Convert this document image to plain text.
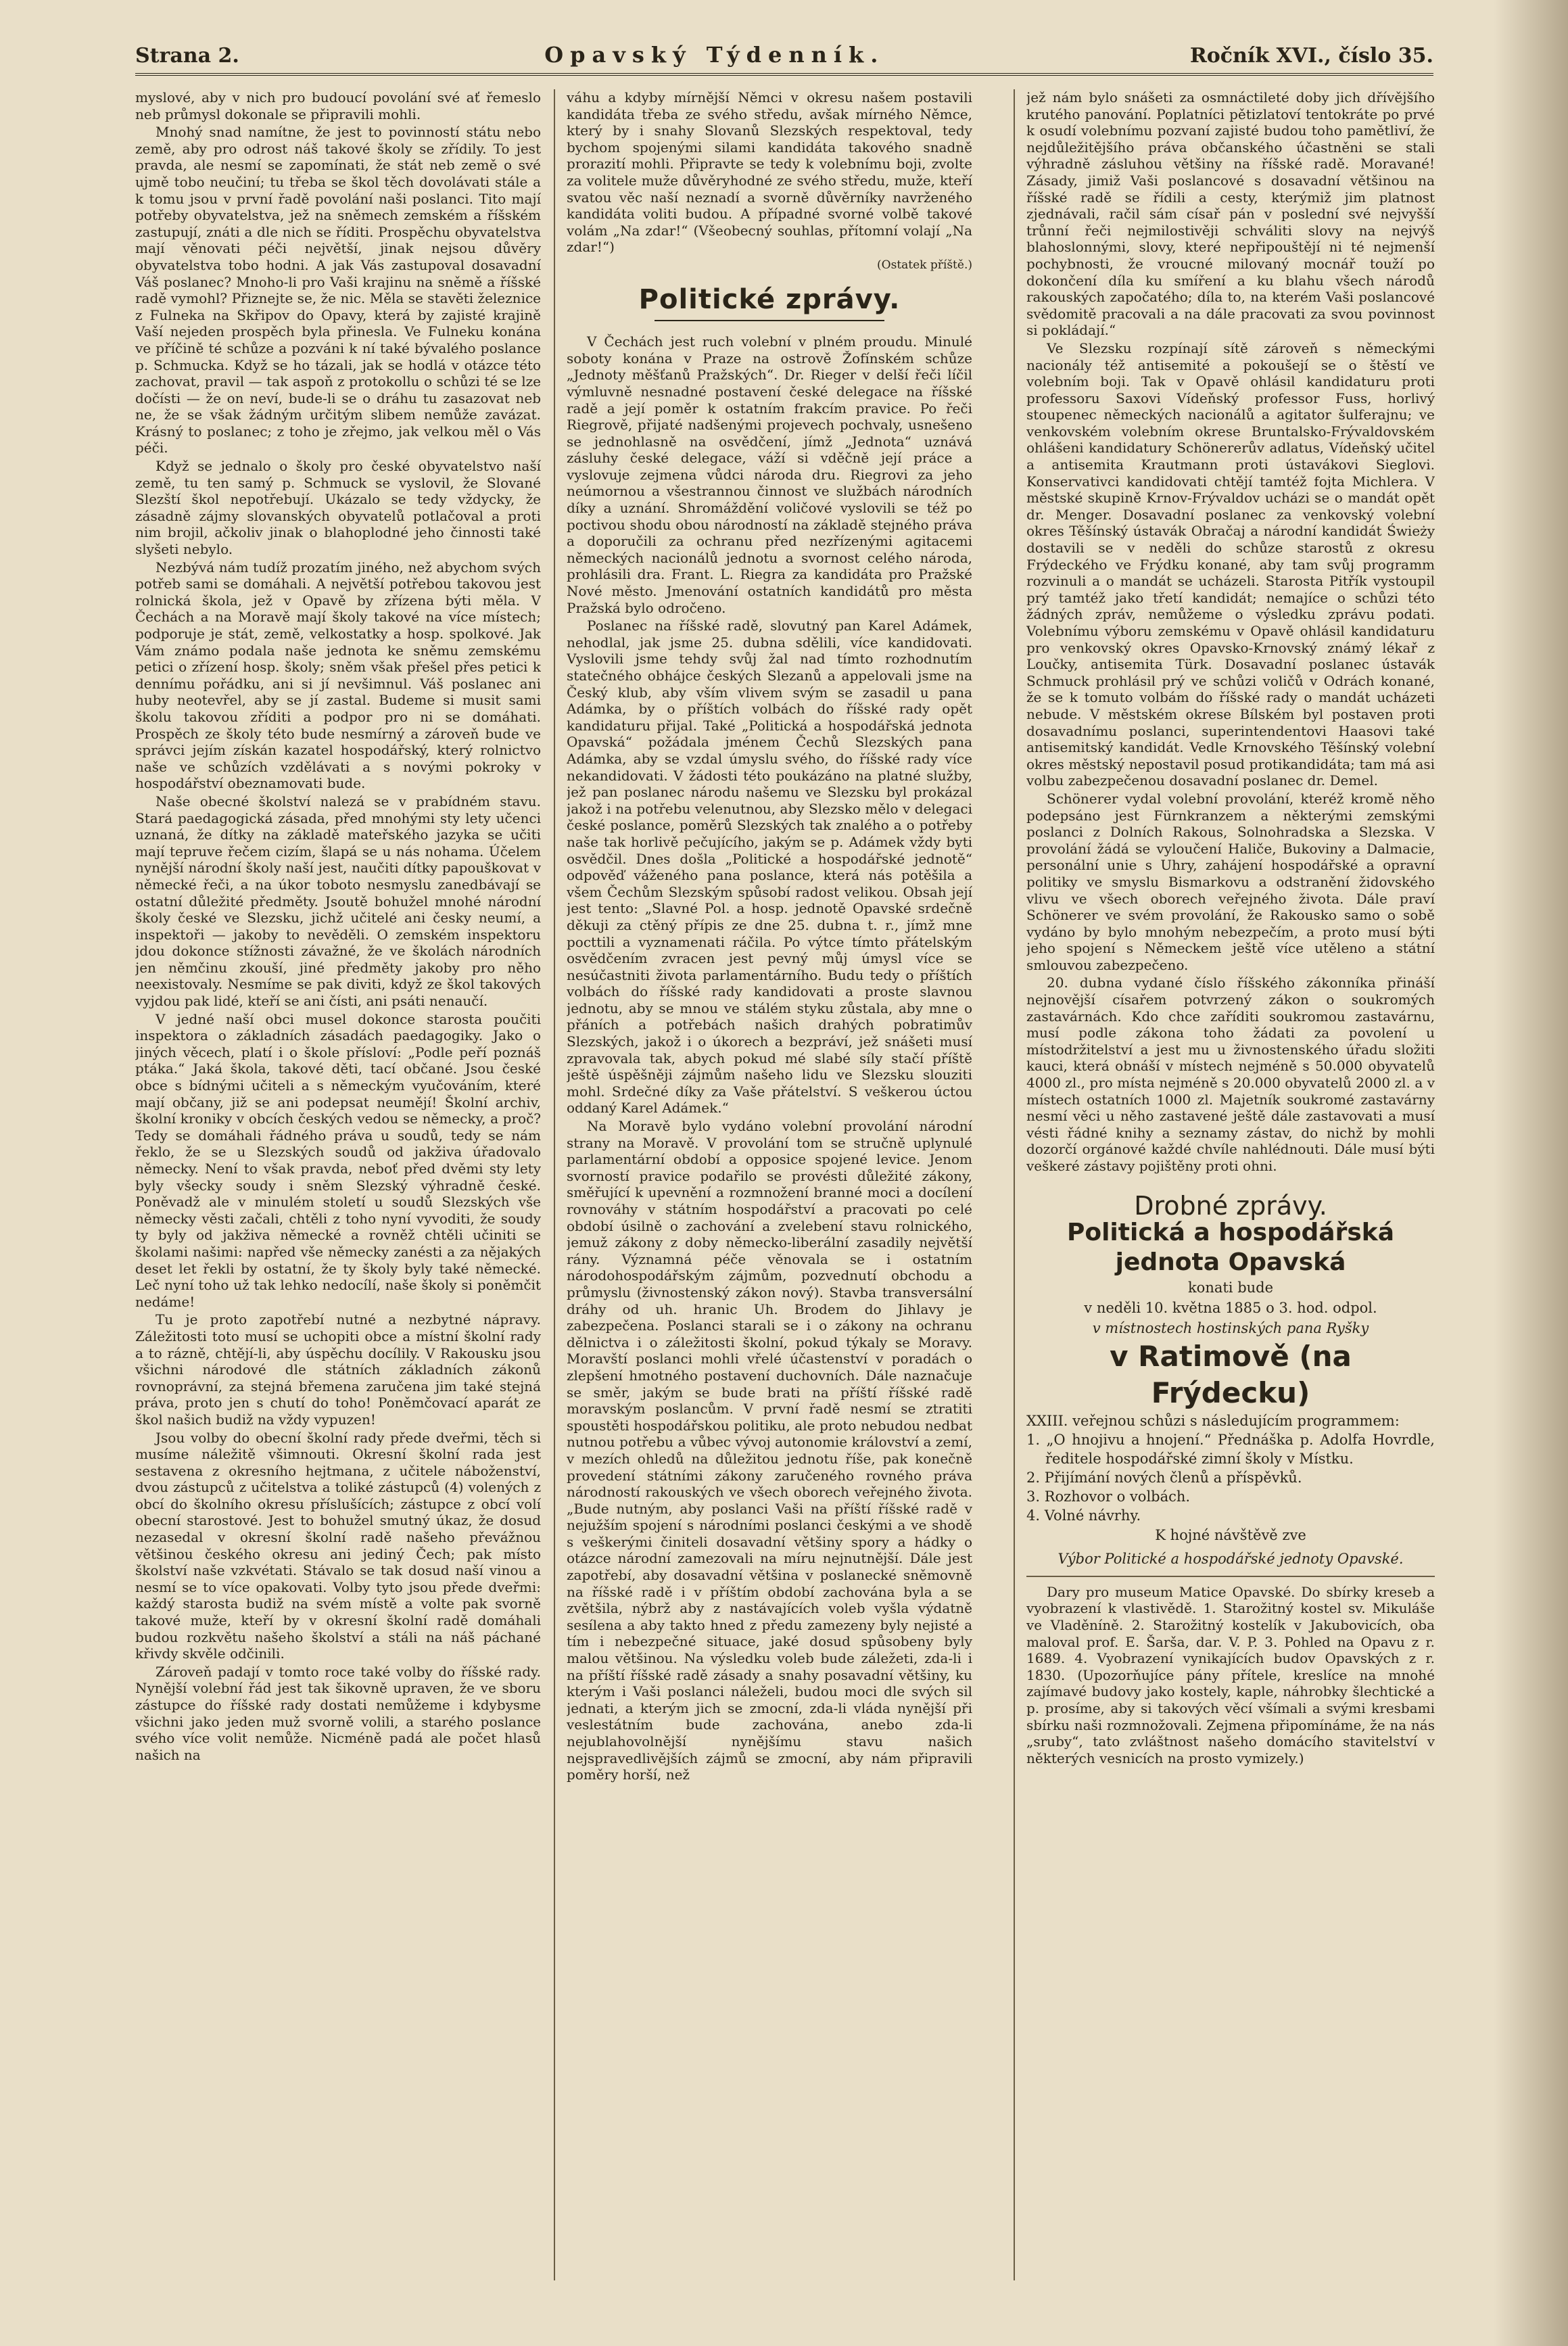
Strana 2.	Opavský Týdenník.	Ročník XVI., číslo 35.

myslové, aby v nich pro budoucí povolání své ať řemeslo neb průmysl dokonale se připravili mohli.

Mnohý snad namítne, že jest to povinností státu nebo země, aby pro odrost náš takové školy se zřídily. To jest pravda, ale nesmí se zapomínati, že stát neb země o své ujmě tobo neučiní; tu třeba se škol těch dovolávati stále a k tomu jsou v první řadě povolání naši poslanci. Tito mají potřeby obyvatelstva, jež na sněmech zemském a říšském zastupují, znáti a dle nich se říditi. Prospěchu obyvatelstva mají věnovati péči největší, jinak nejsou důvěry obyvatelstva tobo hodni. A jak Vás zastupoval dosavadní Váš poslanec? Mnoho-li pro Vaši krajinu na sněmě a říšské radě vymohl? Přiznejte se, že nic. Měla se stavěti železnice z Fulneka na Skřipov do Opavy, která by zajisté krajině Vaší nejeden prospěch byla přinesla. Ve Fulneku konána ve příčině té schůze a pozváni k ní také bývalého poslance p. Schmucka. Když se ho tázali, jak se hodlá v otázce této zachovat, pravil — tak aspoň z protokollu o schůzi té se lze dočísti — že on neví, bude-li se o dráhu tu zasazovat neb ne, že se však žádným určitým slibem nemůže zavázat. Krásný to poslanec; z toho je zřejmo, jak velkou měl o Vás péči.

Když se jednalo o školy pro české obyvatelstvo naší země, tu ten samý p. Schmuck se vyslovil, že Slované Slezští škol nepotřebují. Ukázalo se tedy vždycky, že zásadně zájmy slovanských obyvatelů potlačoval a proti nim brojil, ačkoliv jinak o blahoplodné jeho činnosti také slyšeti nebylo.

Nezbývá nám tudíž prozatím jiného, než abychom svých potřeb sami se domáhali. A největší potřebou takovou jest rolnická škola, jež v Opavě by zřízena býti měla. V Čechách a na Moravě mají školy takové na více místech; podporuje je stát, země, velkostatky a hosp. spolkové. Jak Vám známo podala naše jednota ke sněmu zemskému petici o zřízení hosp. školy; sněm však přešel přes petici k dennímu pořádku, ani si jí nevšimnul. Váš poslanec ani huby neotevřel, aby se jí zastal. Budeme si musit sami školu takovou zříditi a podpor pro ni se domáhati. Prospěch ze školy této bude nesmírný a zároveň bude ve správci jejím získán kazatel hospodářský, který rolnictvo naše ve schůzích vzdělávati a s novými pokroky v hospodářství obeznamovati bude.

Naše obecné školství nalezá se v prabídném stavu. Stará paedagogická zásada, před mnohými sty lety učenci uznaná, že dítky na základě mateřského jazyka se učiti mají tepruve řečem cizím, šlapá se u nás nohama. Účelem nynější národní školy naší jest, naučiti dítky papouškovat v německé řeči, a na úkor toboto nesmyslu zanedbávají se ostatní důležité předměty. Jsoutě bohužel mnohé národní školy české ve Slezsku, jichž učitelé ani česky neumí, a inspektoři — jakoby to nevěděli. O zemském inspektoru jdou dokonce stížnosti závažné, že ve školách národních jen němčinu zkouší, jiné předměty jakoby pro něho neexistovaly. Nesmíme se pak diviti, když ze škol takových vyjdou pak lidé, kteří se ani čísti, ani psáti nenaučí.

V jedné naší obci musel dokonce starosta poučiti inspektora o základních zásadách paedagogiky. Jako o jiných věcech, platí i o škole přísloví: „Podle peří poznáš ptáka.“ Jaká škola, takové děti, tací občané. Jsou české obce s bídnými učiteli a s německým vyučováním, které mají občany, již se ani podepsat neumějí! Školní archiv, školní kroniky v obcích českých vedou se německy, a proč? Tedy se domáhali řádného práva u soudů, tedy se nám řeklo, že se u Slezských soudů od jakživa úřadovalo německy. Není to však pravda, neboť před dvěmi sty lety byly všecky soudy i sněm Slezský výhradně české. Poněvadž ale v minulém století u soudů Slezských vše německy věsti začali, chtěli z toho nyní vyvoditi, že soudy ty byly od jakživa německé a rovněž chtěli učiniti se školami našimi: napřed vše německy zanésti a za nějakých deset let řekli by ostatní, že ty školy byly také německé. Leč nyní toho už tak lehko nedocílí, naše školy si poněmčit nedáme!

Tu je proto zapotřebí nutné a nezbytné nápravy. Záležitosti toto musí se uchopiti obce a místní školní rady a to rázně, chtějí-li, aby úspěchu docílily. V Rakousku jsou všichni národové dle státních základních zákonů rovnoprávní, za stejná břemena zaručena jim také stejná práva, proto jen s chutí do toho! Poněmčovací aparát ze škol našich budiž na vždy vypuzen!

Jsou volby do obecní školní rady přede dveřmi, těch si musíme náležitě všimnouti. Okresní školní rada jest sestavena z okresního hejtmana, z učitele náboženství, dvou zástupců z učitelstva a toliké zástupců (4) volených z obcí do školního okresu příslušících; zástupce z obcí volí obecní starostové. Jest to bohužel smutný úkaz, že dosud nezasedal v okresní školní radě našeho převážnou většinou českého okresu ani jediný Čech; pak místo školství naše vzkvétati. Stávalo se tak dosud naší vinou a nesmí se to více opakovati. Volby tyto jsou přede dveřmi: každý starosta budiž na svém místě a volte pak svorně takové muže, kteří by v okresní školní radě domáhali budou rozkvětu našeho školství a stáli na náš páchané křivdy skvěle odčinili.

Zároveň padají v tomto roce také volby do říšské rady. Nynější volební řád jest tak šikovně upraven, že ve sboru zástupce do říšské rady dostati nemůžeme i kdybysme všichni jako jeden muž svorně volili, a starého poslance svého více volit nemůže. Nicméně padá ale počet hlasů našich na

váhu a kdyby mírnější Němci v okresu našem postavili kandidáta třeba ze svého středu, avšak mírného Němce, který by i snahy Slovanů Slezských respektoval, tedy bychom spojenými silami kandidáta takového snadně prorazití mohli. Připravte se tedy k volebnímu boji, zvolte za volitele muže důvěryhodné ze svého středu, muže, kteří svatou věc naší neznadí a svorně důvěrníky navrženého kandidáta voliti budou. A případné svorné volbě takové volám „Na zdar!“ (Všeobecný souhlas, přítomní volají „Na zdar!“)

(Ostatek příště.)
Politické zprávy.

V Čechách jest ruch volební v plném proudu. Minulé soboty konána v Praze na ostrově Žofínském schůze „Jednoty měšťanů Pražských“. Dr. Rieger v delší řeči líčil výmluvně nesnadné postavení české delegace na říšské radě a její poměr k ostatním frakcím pravice. Po řeči Riegrově, přijaté nadšenými projevech pochvaly, usnešeno se jednohlasně na osvědčení, jímž „Jednota“ uznává zásluhy české delegace, váží si vděčně její práce a vyslovuje zejmena vůdci národa dru. Riegrovi za jeho neúmornou a všestrannou činnost ve službách národních díky a uznání. Shromáždění voličové vyslovili se též po poctivou shodu obou národností na základě stejného práva a doporučili za ochranu před nezřízenými agitacemi německých nacionálů jednotu a svornost celého národa, prohlásili dra. Frant. L. Riegra za kandidáta pro Pražské Nové město. Jmenování ostatních kandidátů pro města Pražská bylo odročeno.

Poslanec na říšské radě, slovutný pan Karel Adámek, nehodlal, jak jsme 25. dubna sdělili, více kandidovati. Vyslovili jsme tehdy svůj žal nad tímto rozhodnutím statečného obhájce českých Slezanů a appelovali jsme na Český klub, aby vším vlivem svým se zasadil u pana Adámka, by o příštích volbách do říšské rady opět kandidaturu přijal. Také „Politická a hospodářská jednota Opavská“ požádala jménem Čechů Slezských pana Adámka, aby se vzdal úmyslu svého, do říšské rady více nekandidovati. V žádosti této poukázáno na platné služby, jež pan poslanec národu našemu ve Slezsku byl prokázal jakož i na potřebu velenutnou, aby Slezsko mělo v delegaci české poslance, poměrů Slezských tak znalého a o potřeby naše tak horlivě pečujícího, jakým se p. Adámek vždy byti osvědčil. Dnes došla „Politické a hospodářské jednotě“ odpověď váženého pana poslance, která nás potěšila a všem Čechům Slezským spůsobí radost velikou. Obsah její jest tento: „Slavné Pol. a hosp. jednotě Opavské srdečně děkuji za ctěný přípis ze dne 25. dubna t. r., jímž mne pocttili a vyznamenati ráčila. Po výtce tímto přátelským osvědčením zvracen jest pevný můj úmysl více se nesúčastniti života parlamentárního. Budu tedy o příštích volbách do říšské rady kandidovati a proste slavnou jednotu, aby se mnou ve stálém styku zůstala, aby mne o přáních a potřebách našich drahých pobratimův Slezských, jakož i o úkorech a bezpráví, jež snášeti musí zpravovala tak, abych pokud mé slabé síly stačí příště ještě úspěšněji zájmům našeho lidu ve Slezsku slouziti mohl. Srdečné díky za Vaše přátelství. S veškerou úctou oddaný Karel Adámek.“

Na Moravě bylo vydáno volební provolání národní strany na Moravě. V provolání tom se stručně uplynulé parlamentární období a opposice spojené levice. Jenom svorností pravice podařilo se provésti důležité zákony, směřující k upevnění a rozmnožení branné moci a docílení rovnováhy v státním hospodářství a pracovati po celé období úsilně o zachování a zvelebení stavu rolnického, jemuž zákony z doby německo-liberální zasadily největší rány. Významná péče věnovala se i ostatním národohospodářským zájmům, pozvednutí obchodu a průmyslu (živnostenský zákon nový). Stavba transversální dráhy od uh. hranic Uh. Brodem do Jihlavy je zabezpečena. Poslanci starali se i o zákony na ochranu dělnictva i o záležitosti školní, pokud týkaly se Moravy. Moravští poslanci mohli vřelé účastenství v poradách o zlepšení hmotného postavení duchovních. Dále naznačuje se směr, jakým se bude brati na příští říšské radě moravským poslancům. V první řadě nesmí se ztratiti spoustěti hospodářskou politiku, ale proto nebudou nedbat nutnou potřebu a vůbec vývoj autonomie království a zemí, v mezích ohledů na důležitou jednotu říše, pak konečně provedení státními zákony zaručeného rovného práva národností rakouských ve všech oborech veřejného života. „Bude nutným, aby poslanci Vaši na příští říšské radě v nejužším spojení s národními poslanci českými a ve shodě s veškerými činiteli dosavadní většiny spory a hádky o otázce národní zamezovali na míru nejnutnější. Dále jest zapotřebí, aby dosavadní většina v poslanecké sněmovně na říšské radě i v příštím období zachována byla a se zvětšila, nýbrž aby z nastávajících voleb vyšla výdatně sesílena a aby takto hned z předu zamezeny byly nejisté a tím i nebezpečné situace, jaké dosud spůsobeny byly malou většinou. Na výsledku voleb bude záležeti, zda-li i na příští říšské radě zásady a snahy posavadní většiny, ku kterým i Vaši poslanci náleželi, budou moci dle svých sil jednati, a kterým jich se zmocní, zda-li vláda nynější při veslestátním bude zachována, anebo zda-li nejublahovolnější nynějšímu stavu našich nejspravedlivějších zájmů se zmocní, aby nám připravili poměry horší, než

jež nám bylo snášeti za osmnáctileté doby jich dřívějšího krutého panování. Poplatníci pětizlatoví tentokráte po prvé k osudí volebnímu pozvaní zajisté budou toho pamětliví, že nejdůležitějšího práva občanského účastněni se stali výhradně zásluhou většiny na říšské radě. Moravané! Zásady, jimiž Vaši poslancové s dosavadní většinou na říšské radě se řídili a cesty, kterýmiž jim platnost zjednávali, račil sám císař pán v poslední své nejvyšší trůnní řeči nejmilostivěji schváliti slovy na nejvýš blahoslonnými, slovy, které nepřipouštějí ni té nejmenší pochybnosti, že vroucné milovaný mocnář touží po dokončení díla ku smíření a ku blahu všech národů rakouských započatého; díla to, na kterém Vaši poslancové svědomitě pracovali a na dále pracovati za svou povinnost si pokládají.“

Ve Slezsku rozpínají sítě zároveň s německými nacionály též antisemité a pokoušejí se o štěstí ve volebním boji. Tak v Opavě ohlásil kandidaturu proti professoru Saxovi Vídeňský professor Fuss, horlivý stoupenec německých nacionálů a agitator šulferajnu; ve venkovském volebním okrese Bruntalsko-Frývaldovském ohlášeni kandidatury Schönererův adlatus, Vídeňský učitel a antisemita Krautmann proti ústavákovi Sieglovi. Konservativci kandidovati chtějí tamtéž fojta Michlera. V městské skupině Krnov-Frývaldov ucházi se o mandát opět dr. Menger. Dosavadní poslanec za venkovský volební okres Těšínský ústavák Obračaj a národní kandidát Świeży dostavili se v neděli do schůze starostů z okresu Frýdeckého ve Frýdku konané, aby tam svůj programm rozvinuli a o mandát se ucházeli. Starosta Pitřík vystoupil prý tamtéž jako třetí kandidát; nemajíce o schůzi této žádných zpráv, nemůžeme o výsledku zprávu podati. Volebnímu výboru zemskému v Opavě ohlásil kandidaturu pro venkovský okres Opavsko-Krnovský známý lékař z Loučky, antisemita Türk. Dosavadní poslanec ústavák Schmuck prohlásil prý ve schůzi voličů v Odrách konané, že se k tomuto volbám do říšské rady o mandát ucházeti nebude. V městském okrese Bílském byl postaven proti dosavadnímu poslanci, superintendentovi Haasovi také antisemitský kandidát. Vedle Krnovského Těšínský volební okres městský nepostavil posud protikandidáta; tam má asi volbu zabezpečenou dosavadní poslanec dr. Demel.

Schönerer vydal volební provolání, kteréž kromě něho podepsáno jest Fürnkranzem a některými zemskými poslanci z Dolních Rakous, Solnohradska a Slezska. V provolání žádá se vyloučení Haliče, Bukoviny a Dalmacie, personální unie s Uhry, zahájení hospodářské a opravní politiky ve smyslu Bismarkovu a odstranění židovského vlivu ve všech oborech veřejného života. Dále praví Schönerer ve svém provolání, že Rakousko samo o sobě vydáno by bylo mnohým nebezpečím, a proto musí býti jeho spojení s Německem ještě více utěleno a státní smlouvou zabezpečeno.

20. dubna vydané číslo říšského zákonníka přináší nejnovější císařem potvrzený zákon o soukromých zastavárnách. Kdo chce zaříditi soukromou zastavárnu, musí podle zákona toho žádati za povolení u místodržitelství a jest mu u živnostenského úřadu složiti kauci, která obnáší v místech nejméně s 50.000 obyvatelů 4000 zl., pro místa nejméně s 20.000 obyvatelů 2000 zl. a v místech ostatních 1000 zl. Majetník soukromé zastavárny nesmí věci u něho zastavené ještě dále zastavovati a musí vésti řádné knihy a seznamy zástav, do nichž by mohli dozorčí orgánové každé chvíle nahlédnouti. Dále musí býti veškeré zástavy pojištěny proti ohni.

Drobné zprávy.
Politická a hospodářská jednota Opavská
konati bude
v neděli 10. května 1885 o 3. hod. odpol.
v místnostech hostinských pana Ryšky
v Ratimově (na Frýdecku)
XXIII. veřejnou schůzi s následujícím programmem:
1. „O hnojivu a hnojení.“ Přednáška p. Adolfa Hovrdle, ředitele hospodářské zimní školy v Místku.
2. Přijímání nových členů a příspěvků.
3. Rozhovor o volbách.
4. Volné návrhy.
K hojné návštěvě zve
Výbor Politické a hospodářské jednoty Opavské.

Dary pro museum Matice Opavské. Do sbírky kreseb a vyobrazení k vlastivědě. 1. Starožitný kostel sv. Mikuláše ve Vladěníně. 2. Starožitný kostelík v Jakubovicích, oba maloval prof. E. Šarša, dar. V. P. 3. Pohled na Opavu z r. 1689. 4. Vyobrazení vynikajících budov Opavských z r. 1830. (Upozorňujíce pány přítele, kreslíce na mnohé zajímavé budovy jako kostely, kaple, náhrobky šlechtické a p. prosíme, aby si takových věcí všímali a svými kresbami sbírku naši rozmnožovali. Zejmena připomínáme, že na nás „sruby“, tato zvláštnost našeho domácího stavitelství v některých vesnicích na prosto vymizely.)
